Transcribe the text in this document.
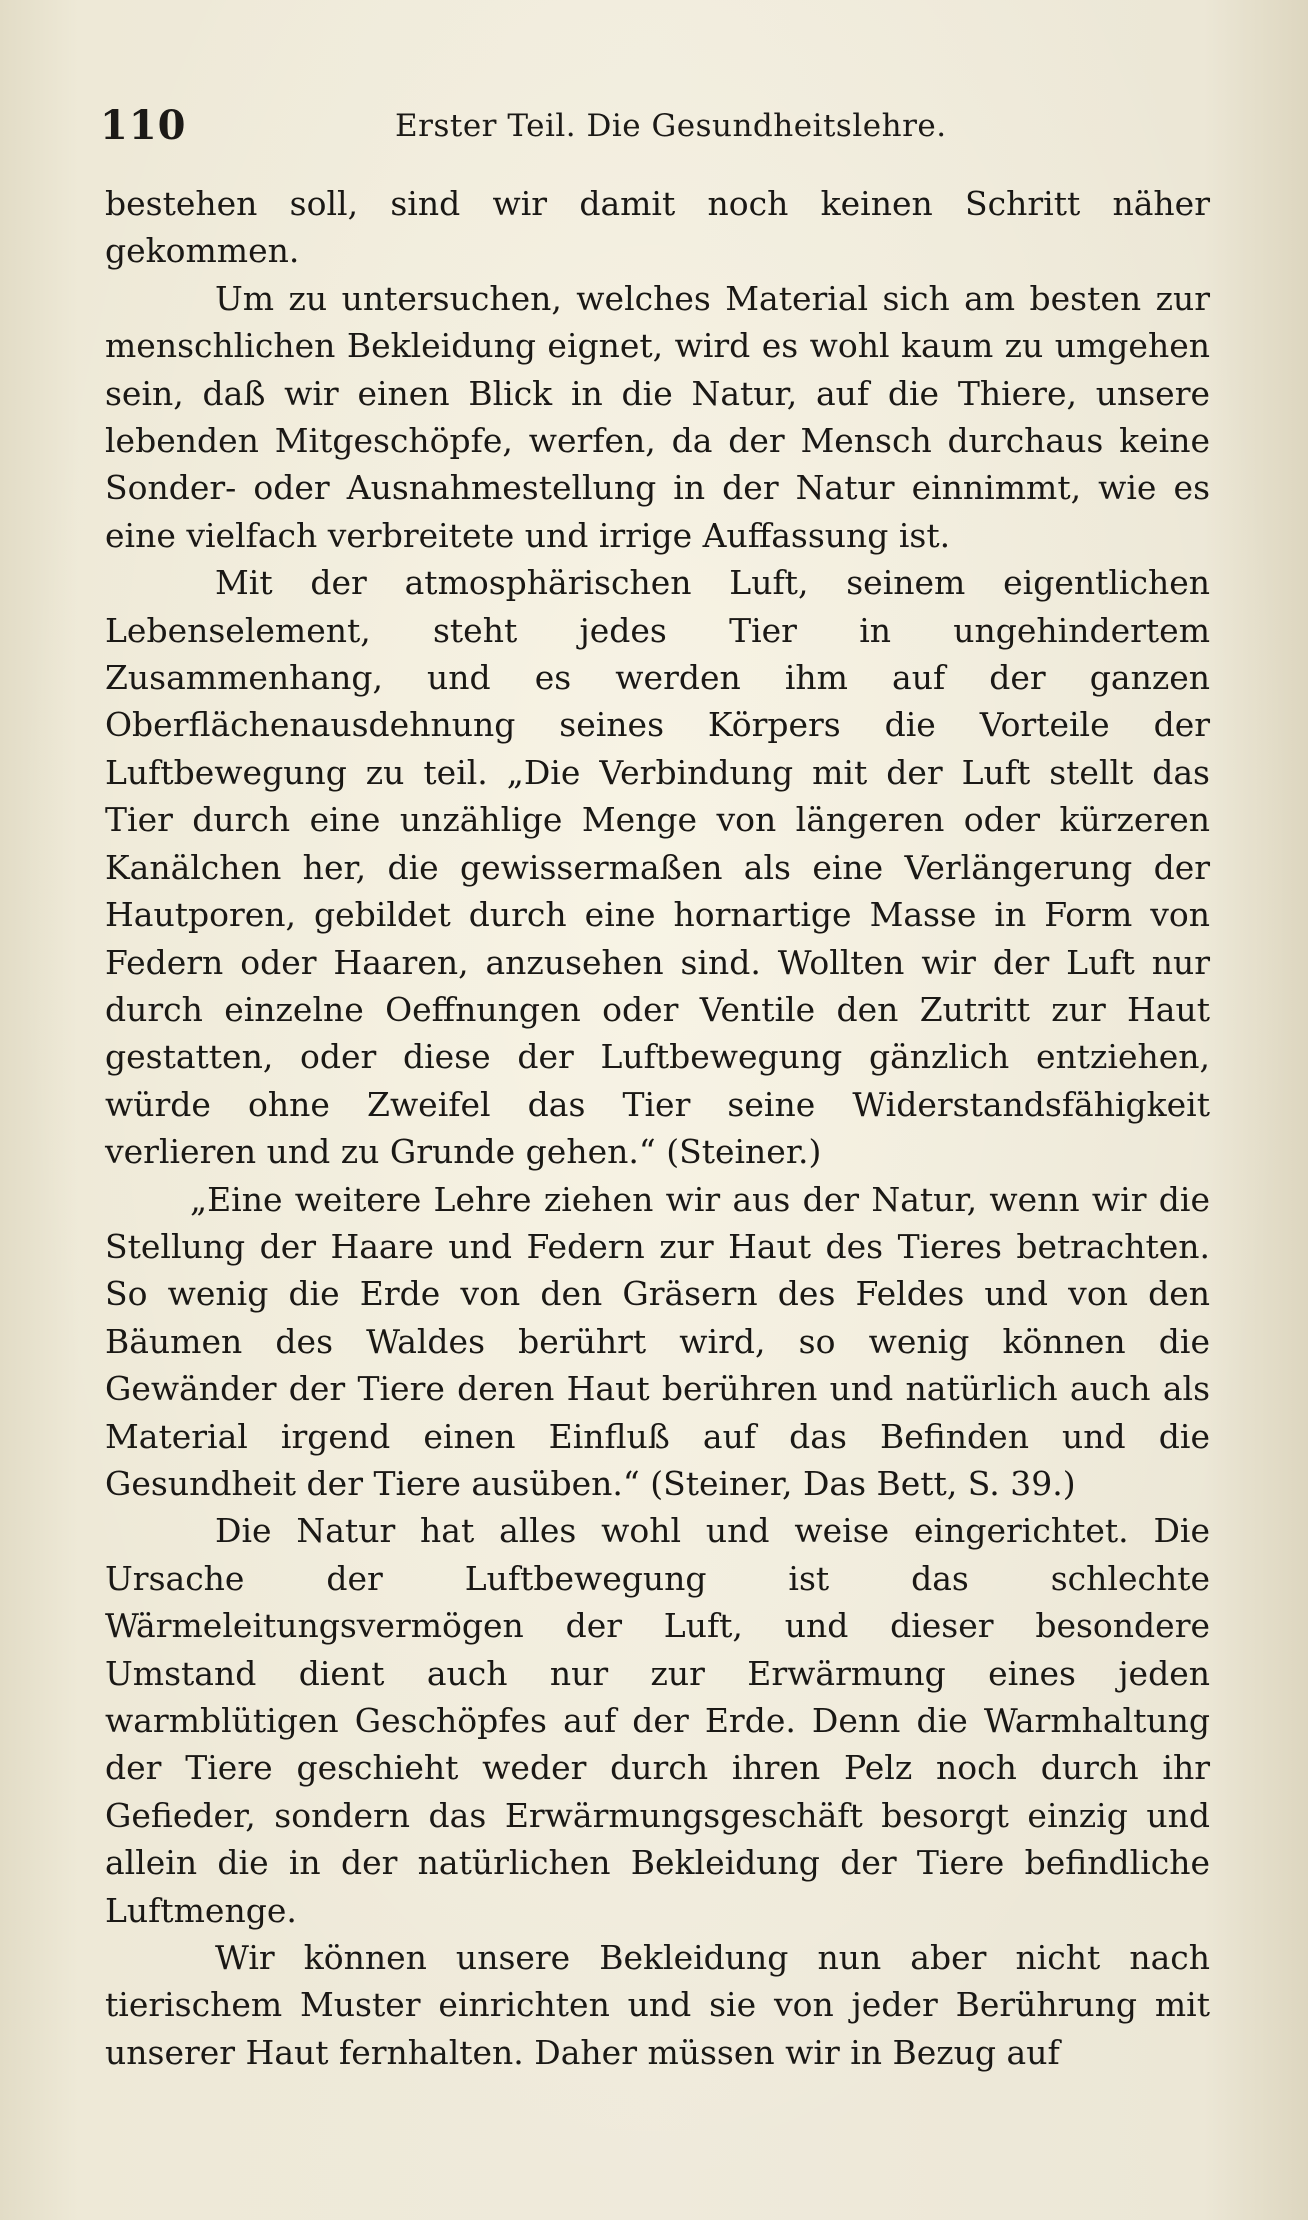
110	Erster Teil. Die Gesundheitslehre.

bestehen soll, sind wir damit noch keinen Schritt näher gekommen.

Um zu untersuchen, welches Material sich am besten zur menschlichen Bekleidung eignet, wird es wohl kaum zu umgehen sein, daß wir einen Blick in die Natur, auf die Thiere, unsere lebenden Mitgeschöpfe, werfen, da der Mensch durchaus keine Sonder- oder Ausnahmestellung in der Natur einnimmt, wie es eine vielfach verbreitete und irrige Auffassung ist.

Mit der atmosphärischen Luft, seinem eigentlichen Lebenselement, steht jedes Tier in ungehindertem Zusammenhang, und es werden ihm auf der ganzen Oberflächenausdehnung seines Körpers die Vorteile der Luftbewegung zu teil. „Die Verbindung mit der Luft stellt das Tier durch eine unzählige Menge von längeren oder kürzeren Kanälchen her, die gewissermaßen als eine Verlängerung der Hautporen, gebildet durch eine hornartige Masse in Form von Federn oder Haaren, anzusehen sind. Wollten wir der Luft nur durch einzelne Oeffnungen oder Ventile den Zutritt zur Haut gestatten, oder diese der Luftbewegung gänzlich entziehen, würde ohne Zweifel das Tier seine Widerstandsfähigkeit verlieren und zu Grunde gehen.“ (Steiner.)

„Eine weitere Lehre ziehen wir aus der Natur, wenn wir die Stellung der Haare und Federn zur Haut des Tieres betrachten. So wenig die Erde von den Gräsern des Feldes und von den Bäumen des Waldes berührt wird, so wenig können die Gewänder der Tiere deren Haut berühren und natürlich auch als Material irgend einen Einfluß auf das Befinden und die Gesundheit der Tiere ausüben.“ (Steiner, Das Bett, S. 39.)

Die Natur hat alles wohl und weise eingerichtet. Die Ursache der Luftbewegung ist das schlechte Wärmeleitungsvermögen der Luft, und dieser besondere Umstand dient auch nur zur Erwärmung eines jeden warmblütigen Geschöpfes auf der Erde. Denn die Warmhaltung der Tiere geschieht weder durch ihren Pelz noch durch ihr Gefieder, sondern das Erwärmungsgeschäft besorgt einzig und allein die in der natürlichen Bekleidung der Tiere befindliche Luftmenge.

Wir können unsere Bekleidung nun aber nicht nach tierischem Muster einrichten und sie von jeder Berührung mit unserer Haut fernhalten. Daher müssen wir in Bezug auf
